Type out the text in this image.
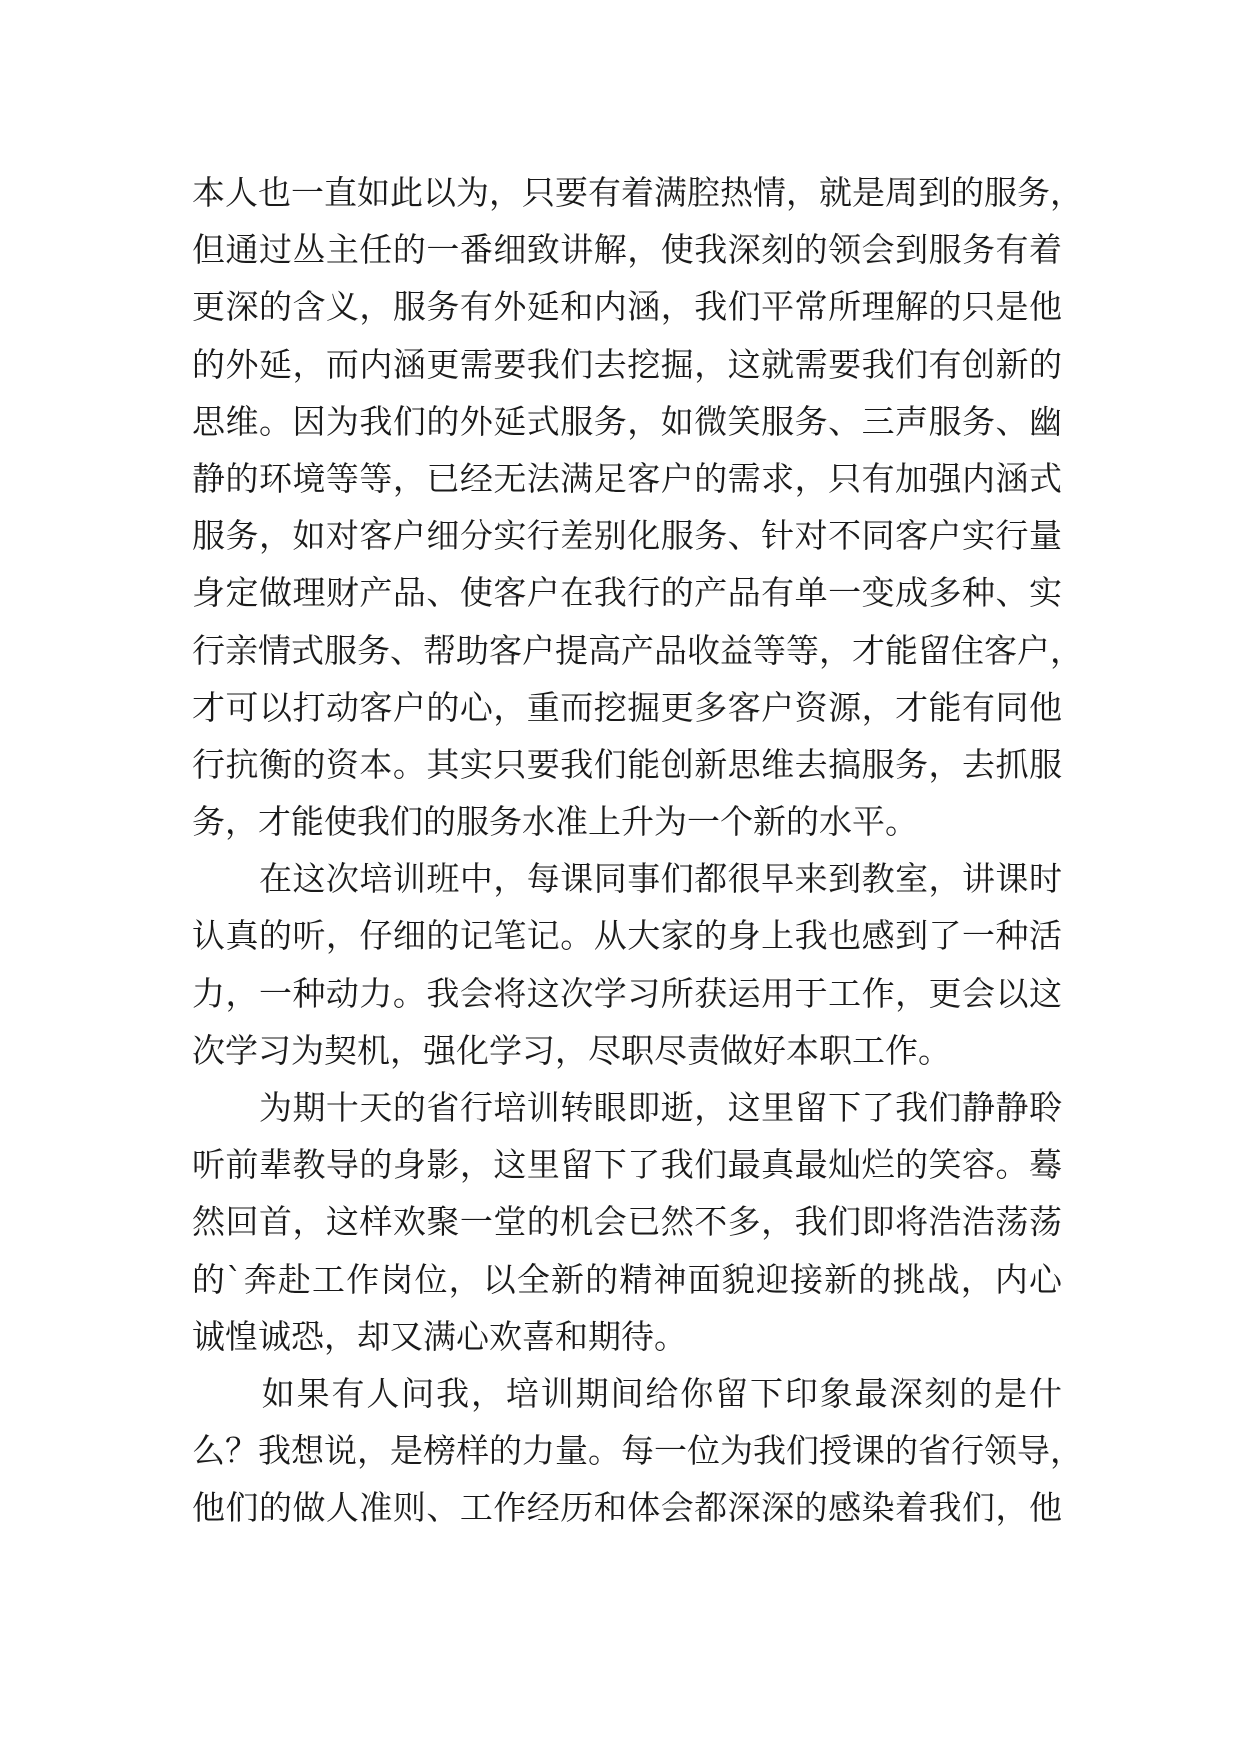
本人也一直如此以为，只要有着满腔热情，就是周到的服务，
但通过丛主任的一番细致讲解，使我深刻的领会到服务有着
更深的含义，服务有外延和内涵，我们平常所理解的只是他
的外延，而内涵更需要我们去挖掘，这就需要我们有创新的
思维。因为我们的外延式服务，如微笑服务、三声服务、幽
静的环境等等，已经无法满足客户的需求，只有加强内涵式
服务，如对客户细分实行差别化服务、针对不同客户实行量
身定做理财产品、使客户在我行的产品有单一变成多种、实
行亲情式服务、帮助客户提高产品收益等等，才能留住客户，
才可以打动客户的心，重而挖掘更多客户资源，才能有同他
行抗衡的资本。其实只要我们能创新思维去搞服务，去抓服
务，才能使我们的服务水准上升为一个新的水平。
　　在这次培训班中，每课同事们都很早来到教室，讲课时
认真的听，仔细的记笔记。从大家的身上我也感到了一种活
力，一种动力。我会将这次学习所获运用于工作，更会以这
次学习为契机，强化学习，尽职尽责做好本职工作。
　　为期十天的省行培训转眼即逝，这里留下了我们静静聆
听前辈教导的身影，这里留下了我们最真最灿烂的笑容。蓦
然回首，这样欢聚一堂的机会已然不多，我们即将浩浩荡荡
的`奔赴工作岗位，以全新的精神面貌迎接新的挑战，内心
诚惶诚恐，却又满心欢喜和期待。
　　如果有人问我，培训期间给你留下印象最深刻的是什
么？我想说，是榜样的力量。每一位为我们授课的省行领导，
他们的做人准则、工作经历和体会都深深的感染着我们，他
